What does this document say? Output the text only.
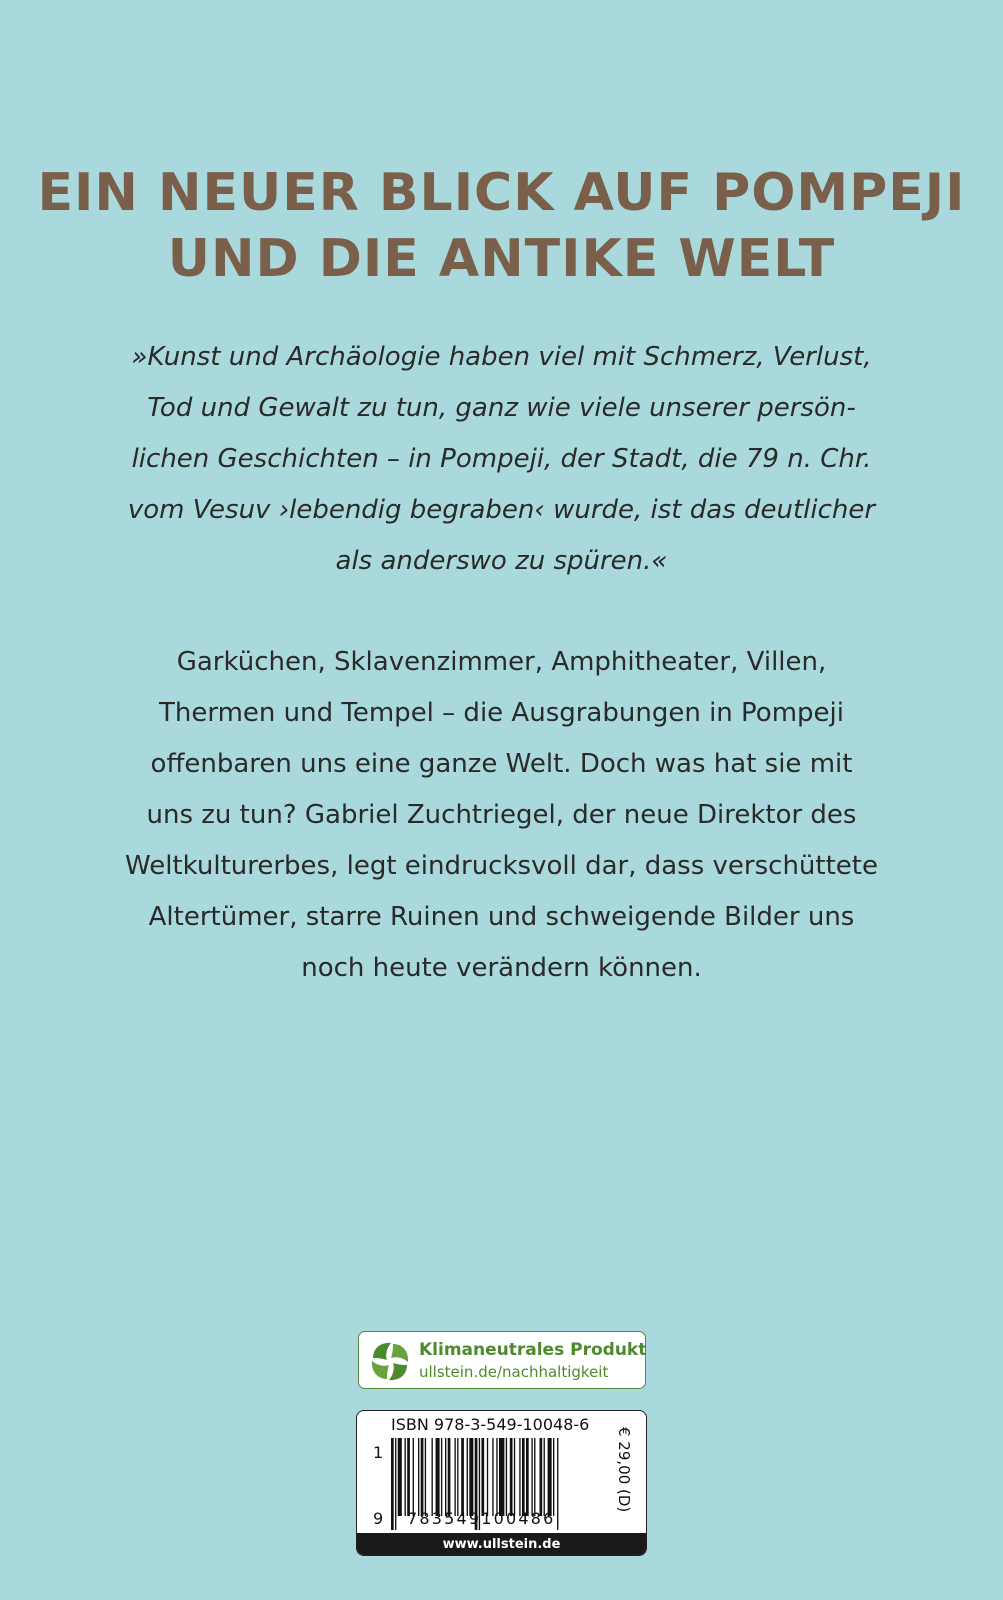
EIN NEUER BLICK AUF POMPEJI
UND DIE ANTIKE WELT

»Kunst und Archäologie haben viel mit Schmerz, Verlust,
Tod und Gewalt zu tun, ganz wie viele unserer persön-
lichen Geschichten – in Pompeji, der Stadt, die 79 n. Chr.
vom Vesuv ›lebendig begraben‹ wurde, ist das deutlicher
als anderswo zu spüren.«

Garküchen, Sklavenzimmer, Amphitheater, Villen,
Thermen und Tempel – die Ausgrabungen in Pompeji
offenbaren uns eine ganze Welt. Doch was hat sie mit
uns zu tun? Gabriel Zuchtriegel, der neue Direktor des
Weltkulturerbes, legt eindrucksvoll dar, dass verschüttete
Altertümer, starre Ruinen und schweigende Bilder uns
noch heute verändern können.

Klimaneutrales Produkt
ullstein.de/nachhaltigkeit
ISBN 978-3-549-10048-6
1
9 783549100486
€ 29,00 (D)
www.ullstein.de
